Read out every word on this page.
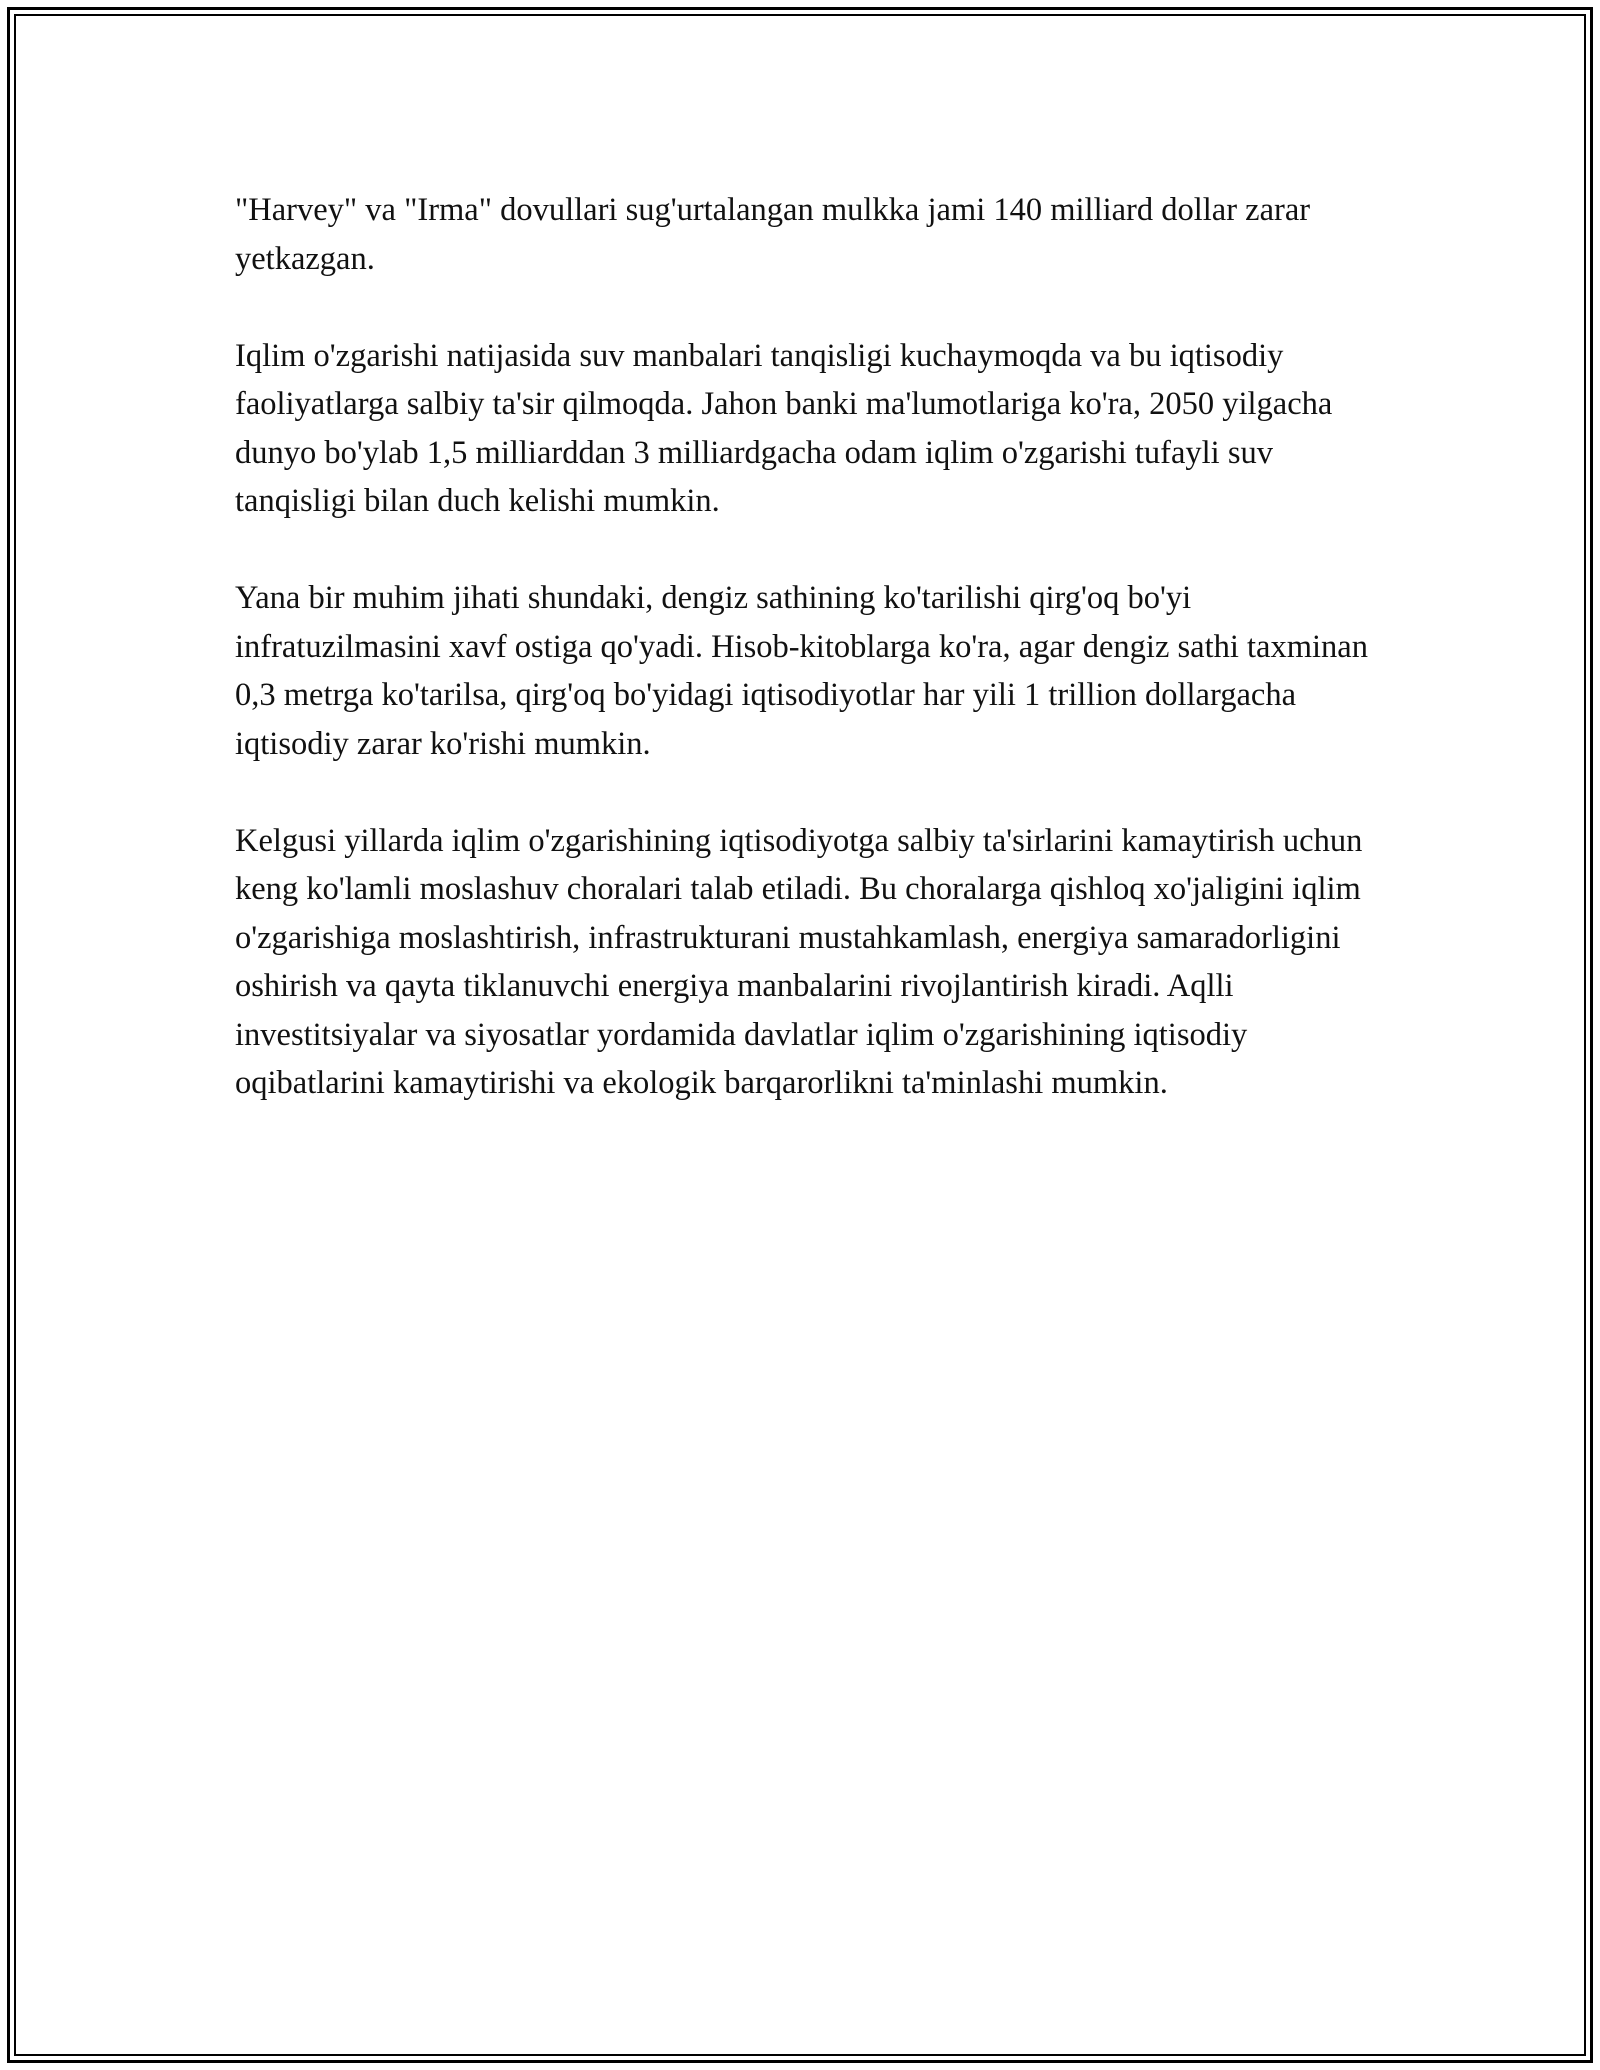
"Harvey" va "Irma" dovullari sug'urtalangan mulkka jami 140 milliard dollar zarar yetkazgan.

Iqlim o'zgarishi natijasida suv manbalari tanqisligi kuchaymoqda va bu iqtisodiy faoliyatlarga salbiy ta'sir qilmoqda. Jahon banki ma'lumotlariga ko'ra, 2050 yilgacha dunyo bo'ylab 1,5 milliarddan 3 milliardgacha odam iqlim o'zgarishi tufayli suv tanqisligi bilan duch kelishi mumkin.

Yana bir muhim jihati shundaki, dengiz sathining ko'tarilishi qirg'oq bo'yi infratuzilmasini xavf ostiga qo'yadi. Hisob-kitoblarga ko'ra, agar dengiz sathi taxminan 0,3 metrga ko'tarilsa, qirg'oq bo'yidagi iqtisodiyotlar har yili 1 trillion dollargacha iqtisodiy zarar ko'rishi mumkin.

Kelgusi yillarda iqlim o'zgarishining iqtisodiyotga salbiy ta'sirlarini kamaytirish uchun keng ko'lamli moslashuv choralari talab etiladi. Bu choralarga qishloq xo'jaligini iqlim o'zgarishiga moslashtirish, infrastrukturani mustahkamlash, energiya samaradorligini oshirish va qayta tiklanuvchi energiya manbalarini rivojlantirish kiradi. Aqlli investitsiyalar va siyosatlar yordamida davlatlar iqlim o'zgarishining iqtisodiy oqibatlarini kamaytirishi va ekologik barqarorlikni ta'minlashi mumkin.
